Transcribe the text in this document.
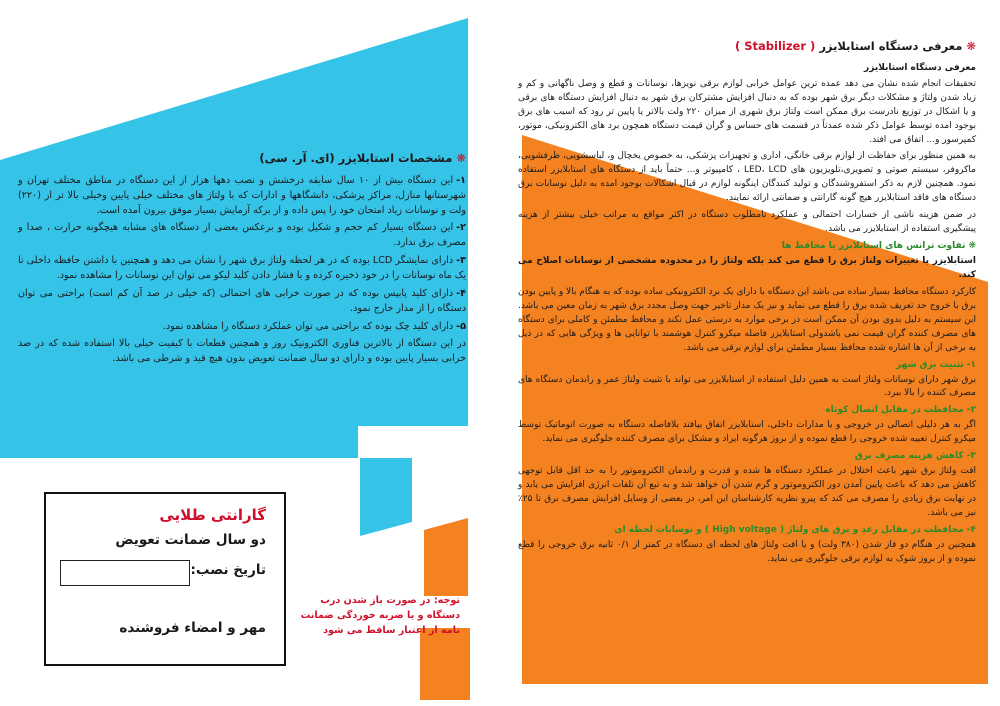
❋مشخصات استابلایزر (ای. آر. سی)

۱-این دستگاه بیش از ۱۰ سال سابقه درخشش و نصب دهها هزار از این دستگاه در مناطق مختلف تهران و شهرستانها منازل، مراکز پزشکی، دانشگاهها و ادارات که با ولتاژ های مختلف خیلی پایین وخیلی بالا تر از (۲۲۰) ولت و نوسانات زیاد امتحان خود را پس داده و از برکه آزمایش بسیار موفق بیرون آمده است.

۲-این دستگاه بسیار کم حجم و شکیل بوده و برعکس بعضی از دستگاه های مشابه هیچگونه حرارت ، صدا و مصرف برق ندارد.

۳-دارای نمایشگر LCD بوده که در هر لحظه ولتاژ برق شهر را نشان می دهد و همچنین با داشتن حافظه داخلی تا یک ماه نوسانات را در خود ذخیره کرده و با فشار دادن کلید لیکو می توان این نوسانات را مشاهده نمود.

۴-دارای کلید پایپس بوده که در صورت خرابی های احتمالی (که خیلی در صد آن کم است) براحتی می توان دستگاه را از مدار خارج نمود.

۵-دارای کلید چک بوده که براحتی می توان عملکرد دستگاه را مشاهده نمود.

در این دستگاه از بالاترین فناوری الکترونیک روز و همچنین قطعات با کیفیت خیلی بالا استفاده شده که در صد خرابی بسیار پایین بوده و دارای دو سال ضمانت تعویض بدون هیچ قید و شرطی می باشد.

گارانتی طلایی
دو سال ضمانت تعویض
تاریخ نصب:
مهر و امضاء فروشنده
توجه: در صورت باز شدن درب دستگاه و یا ضربه خوردگی ضمانت نامه از اعتبار ساقط می شود
❋معرفی دستگاه استابلایزر ( Stabilizer )
معرفی دستگاه استابلایزر

تحقیقات انجام شده نشان می دهد عمده ترین عوامل خرابی لوازم برقی نویزها، نوسانات و قطع و وصل ناگهانی و کم و زیاد شدن ولتاژ و مشکلات دیگر برق شهر بوده که به دنبال افزایش مشترکان برق شهر به دنبال افزایش دستگاه های برقی و یا اشکال در توزیع نادرست برق ممکن است ولتاژ برق شهری از میزان ۲۲۰ ولت بالاتر یا پایین تر رود که اسیب های برق بوجود امده توسط عوامل ذکر شده عمدتاً در قسمت های حساس و گران قیمت دستگاه همچون برد های الکترونیکی، موتور، کمپرسور و... اتفاق می افتد.

به همین منظور برای حفاظت از لوازم برقی خانگی، اداری و تجهیزات پزشکی، به خصوص یخچال و، لباسشویی، ظرفشویی، ماکروفر، سیستم صوتی و تصویری،تلویزیون های LED، LCD ، کامپیوتر و... حتماً باید از دستگاه های استابلایزر استفاده نمود. همچنین لازم به ذکر استفروشندگان و تولید کنندگان اینگونه لوازم در قبال اشکالات بوجود امده به دلیل نوسانات برق دستگاه های فاقد استابلایزر هیچ گونه گارانتی و ضمانتی ارائه نمایند.

در ضمن هزینه ناشی از خسارات احتمالی و عملکرد نامطلوب دستگاه در اکثر مواقع به مراتب خیلی بیشتر از هزینه پیشگیری استفاده از استابلایزر می باشد.

❋ تفاوت ترانس های استابلایزر با محافظ ها

استابلایزر با تغییرات ولتاژ برق را قطع می کند بلکه ولتاژ را در محدوده مشخصی از نوسانات اصلاح می کند.

کارکرد دستگاه محافظ بسیار ساده می باشد این دستگاه با دارای یک برد الکترونیکی ساده بوده که به هنگام بالا و پایین بودن برق با خروج حد تعریف شده برق را قطع می نماید و نیز یک مدار تاخیر جهت وصل مجدد برق شهر به زمان معین می باشد. این سیستم به دلیل بدوی بودن آن ممکن است در برخی موارد به درستی عمل نکند و محافظ مطمئن و کاملی برای دستگاه های مصرف کننده گران قیمت نمی باشدولی استابلایزر فاصله میکرو کنترل هوشمند با توانایی ها و ویژگی هایی که در ذیل به برخی از آن ها اشاره شده محافظ بسیار مطمئن برای لوازم برقی می باشد.

۱- تثبیت برق شهر

برق شهر دارای نوسانات ولتاژ است به همین دلیل استفاده از استابلایزر می تواند با تثبیت ولتاژ عمر و راندمان دستگاه های مصرف کننده را بالا ببرد.

۲- محافظت در مقابل اتصال کوتاه

اگر به هر دلیلی اتصالی در خروجی و یا مدارات داخلی، استابلایزر اتفاق بیافتد بلافاصله دستگاه به صورت اتوماتیک توسط میکرو کنترل تعبیه شده خروجی را قطع نموده و از بروز هرگونه ایراد و مشکل برای مصرف کننده جلوگیری می نماید.

۳- کاهش هزینه مصرف برق

افت ولتاژ برق شهر باعث اختلال در عملکرد دستگاه ها شده و قدرت و راندمان الکتروموتور را به حد اقل قابل توجهی کاهش می دهد که باعث پایین آمدن دور الکتروموتور و گرم شدن آن خواهد شد و به تبع آن تلفات انرژی افزایش می یابد و در نهایت برق زیادی را مصرف می کند که پیرو نظریه کارشناسان این امر، در بعضی از وسایل افزایش مصرف برق تا ۲۵٪ نیز می باشد.

۴- محافظت در مقابل رعد و برق های ولتاژ ( High voltage ) و نوسانات لحظه ای

همچنین در هنگام دو فاز شدن (۳۸۰ ولت) و یا افت ولتاژ های لحظه ای دستگاه در کمتر از ۰/۱ ثانیه برق خروجی را قطع نموده و از بروز شوک به لوازم برقی جلوگیری می نماید.
